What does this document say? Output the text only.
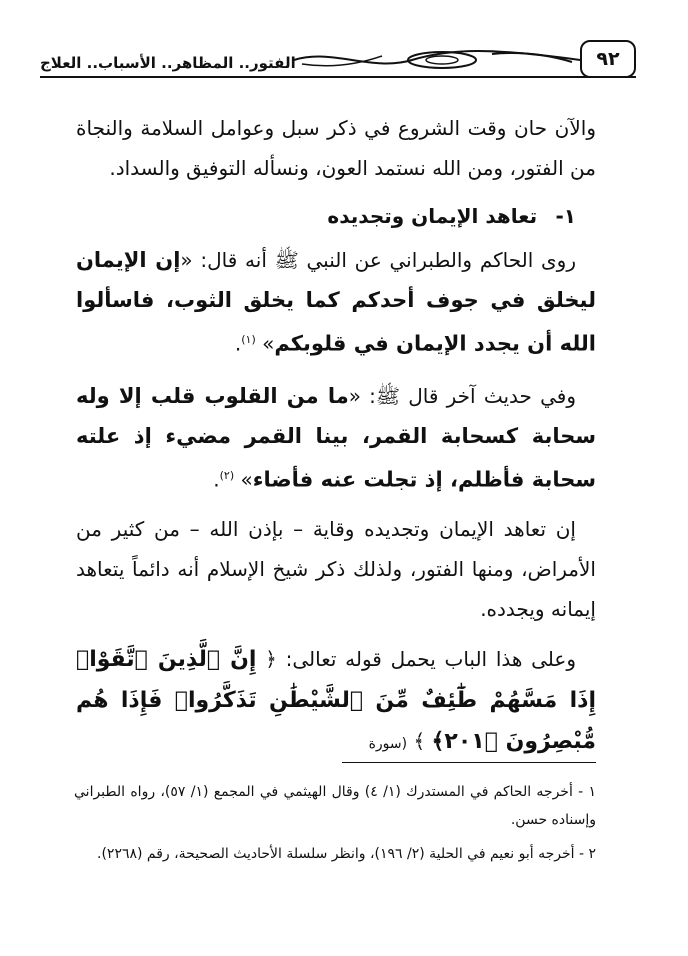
٩٢
الفتور.. المظاهر.. الأسباب.. العلاج

والآن حان وقت الشروع في ذكر سبل وعوامل السلامة والنجاة من الفتور، ومن الله نستمد العون، ونسأله التوفيق والسداد.

١- تعاهد الإيمان وتجديده

روى الحاكم والطبراني عن النبي ﷺ أنه قال: «إن الإيمان ليخلق في جوف أحدكم كما يخلق الثوب، فاسألوا الله أن يجدد الإيمان في قلوبكم» $^{(١)}$.

وفي حديث آخر قال ﷺ: «ما من القلوب قلب إلا وله سحابة كسحابة القمر، بينا القمر مضيء إذ علته سحابة فأظلم، إذ تجلت عنه فأضاء» $^{(٢)}$.

إن تعاهد الإيمان وتجديده وقاية – بإذن الله – من كثير من الأمراض، ومنها الفتور، ولذلك ذكر شيخ الإسلام أنه دائماً يتعاهد إيمانه ويجدده.

وعلى هذا الباب يحمل قوله تعالى: ﴿ إِنَّ ٱلَّذِينَ ٱتَّقَوْا۟ إِذَا مَسَّهُمْ طَٰٓئِفٌ مِّنَ ٱلشَّيْطَٰنِ تَذَكَّرُوا۟ فَإِذَا هُم مُّبْصِرُونَ ﴿٢٠١﴾ ﴾ (سورة

١ - أخرجه الحاكم في المستدرك (١/ ٤) وقال الهيثمي في المجمع (١/ ٥٧)، رواه الطبراني وإسناده حسن.

٢ - أخرجه أبو نعيم في الحلية (٢/ ١٩٦)، وانظر سلسلة الأحاديث الصحيحة، رقم (٢٢٦٨).
